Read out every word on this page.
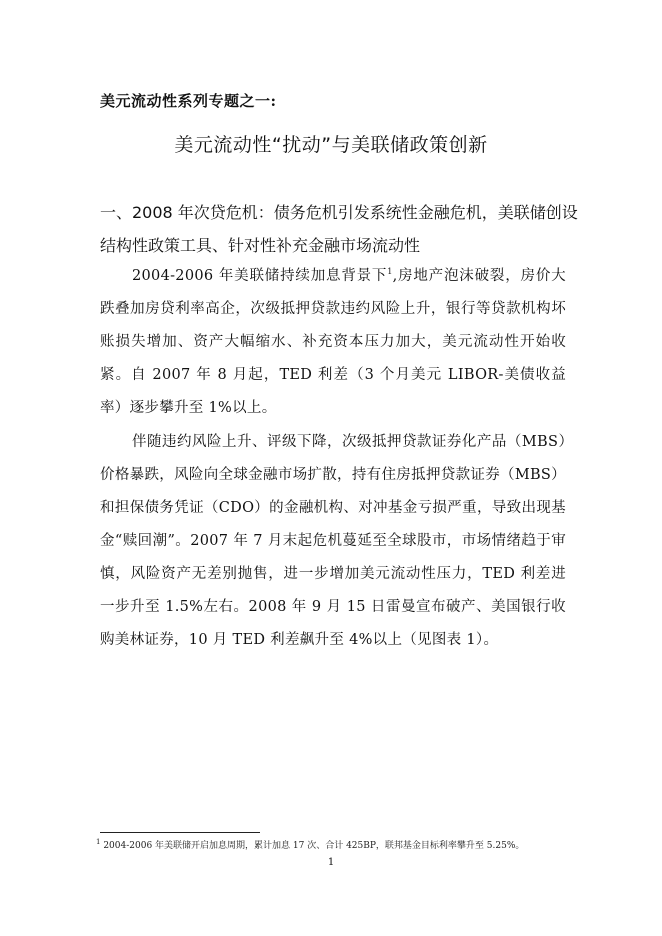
美元流动性系列专题之一:
美元流动性“扰动”与美联储政策创新
一、2008 年次贷危机：债务危机引发系统性金融危机，美联储创设结构性政策工具、针对性补充金融市场流动性
2004-2006 年美联储持续加息背景下$^1$,房地产泡沫破裂，房价大跌叠加房贷利率高企，次级抵押贷款违约风险上升，银行等贷款机构坏账损失增加、资产大幅缩水、补充资本压力加大，美元流动性开始收紧。自 2007 年 8 月起，TED 利差（3 个月美元 LIBOR-美债收益率）逐步攀升至 1%以上。
伴随违约风险上升、评级下降，次级抵押贷款证券化产品（MBS）价格暴跌，风险向全球金融市场扩散，持有住房抵押贷款证券（MBS）和担保债务凭证（CDO）的金融机构、对冲基金亏损严重，导致出现基金“赎回潮”。2007 年 7 月末起危机蔓延至全球股市，市场情绪趋于审慎，风险资产无差别抛售，进一步增加美元流动性压力，TED 利差进一步升至 1.5%左右。2008 年 9 月 15 日雷曼宣布破产、美国银行收购美林证券，10 月 TED 利差飙升至 4%以上（见图表 1）。
$^1$ 2004-2006 年美联储开启加息周期，累计加息 17 次、合计 425BP，联邦基金目标利率攀升至 5.25%。
1
